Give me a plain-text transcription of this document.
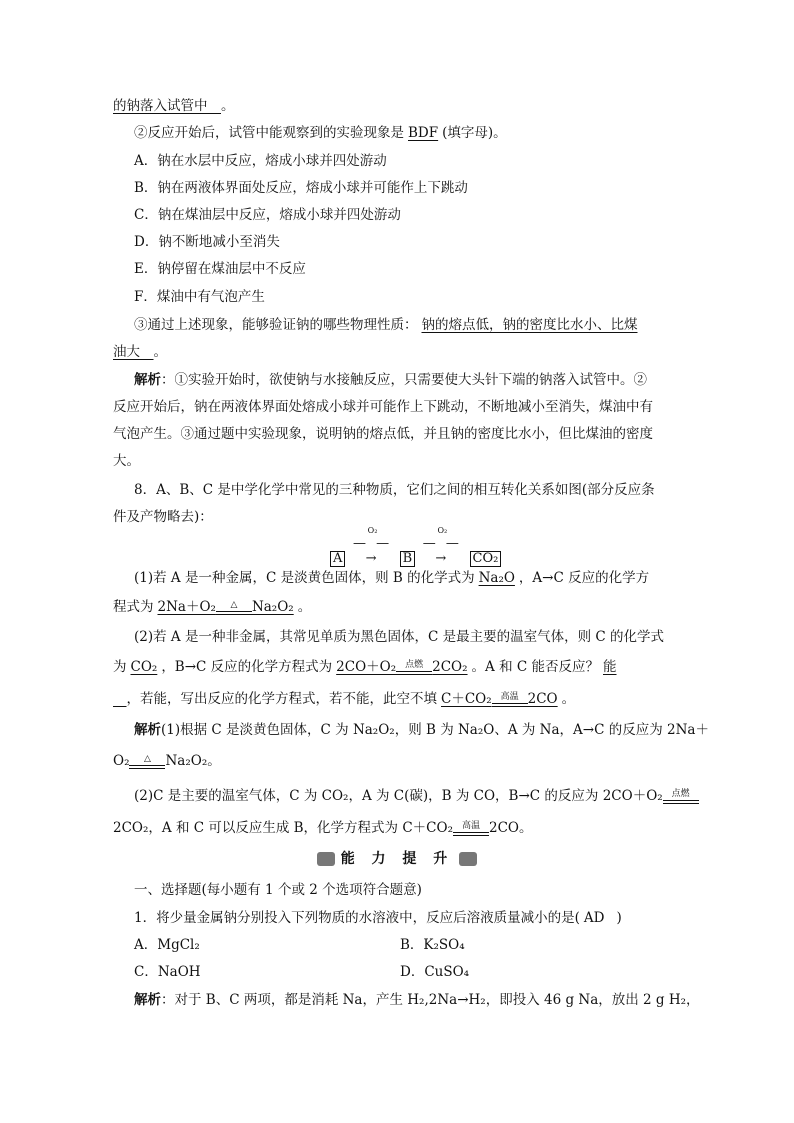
的钠落入试管中　 。
②反应开始后，试管中能观察到的实验现象是 BDF (填字母)。
A．钠在水层中反应，熔成小球并四处游动
B．钠在两液体界面处反应，熔成小球并可能作上下跳动
C．钠在煤油层中反应，熔成小球并四处游动
D．钠不断地减小至消失
E．钠停留在煤油层中不反应
F．煤油中有气泡产生
③通过上述现象，能够验证钠的哪些物理性质： 钠的熔点低，钠的密度比水小、比煤
油大　 。
解析：①实验开始时，欲使钠与水接触反应，只需要使大头针下端的钠落入试管中。②
反应开始后，钠在两液体界面处熔成小球并可能作上下跳动，不断地减小至消失，煤油中有
气泡产生。③通过题中实验现象，说明钠的熔点低，并且钠的密度比水小，但比煤油的密度
大。
8．A、B、C 是中学化学中常见的三种物质，它们之间的相互转化关系如图(部分反应条
件及产物略去)：
A
O₂
— —→ B
O₂
— —→ CO₂
(1)若 A 是一种金属，C 是淡黄色固体，则 B 的化学式为 Na₂O ，A→C 反应的化学方
程式为 2Na＋O₂	△	Na₂O₂ 。
(2)若 A 是一种非金属，其常见单质为黑色固体，C 是最主要的温室气体，则 C 的化学式
为 CO₂ ，B→C 反应的化学方程式为 2CO＋O₂ 点燃 2CO₂ 。A 和 C 能否反应？ 能
　，若能，写出反应的化学方程式，若不能，此空不填 C＋CO₂ 高温 2CO 。
解析(1)根据 C 是淡黄色固体，C 为 Na₂O₂，则 B 为 Na₂O、A 为 Na，A→C 的反应为 2Na＋
O₂	△	Na₂O₂。
(2)C 是主要的温室气体，C 为 CO₂，A 为 C(碳)，B 为 CO，B→C 的反应为 2CO＋O₂ 点燃
2CO₂，A 和 C 可以反应生成 B，化学方程式为 C＋CO₂ 高温 2CO。
能 力 提 升
一、选择题(每小题有 1 个或 2 个选项符合题意)
1．将少量金属钠分别投入下列物质的水溶液中，反应后溶液质量减小的是( AD )
A．MgCl₂	B．K₂SO₄
C．NaOH	D．CuSO₄
解析：对于 B、C 两项，都是消耗 Na，产生 H₂,2Na→H₂，即投入 46 g Na，放出 2 g H₂，
